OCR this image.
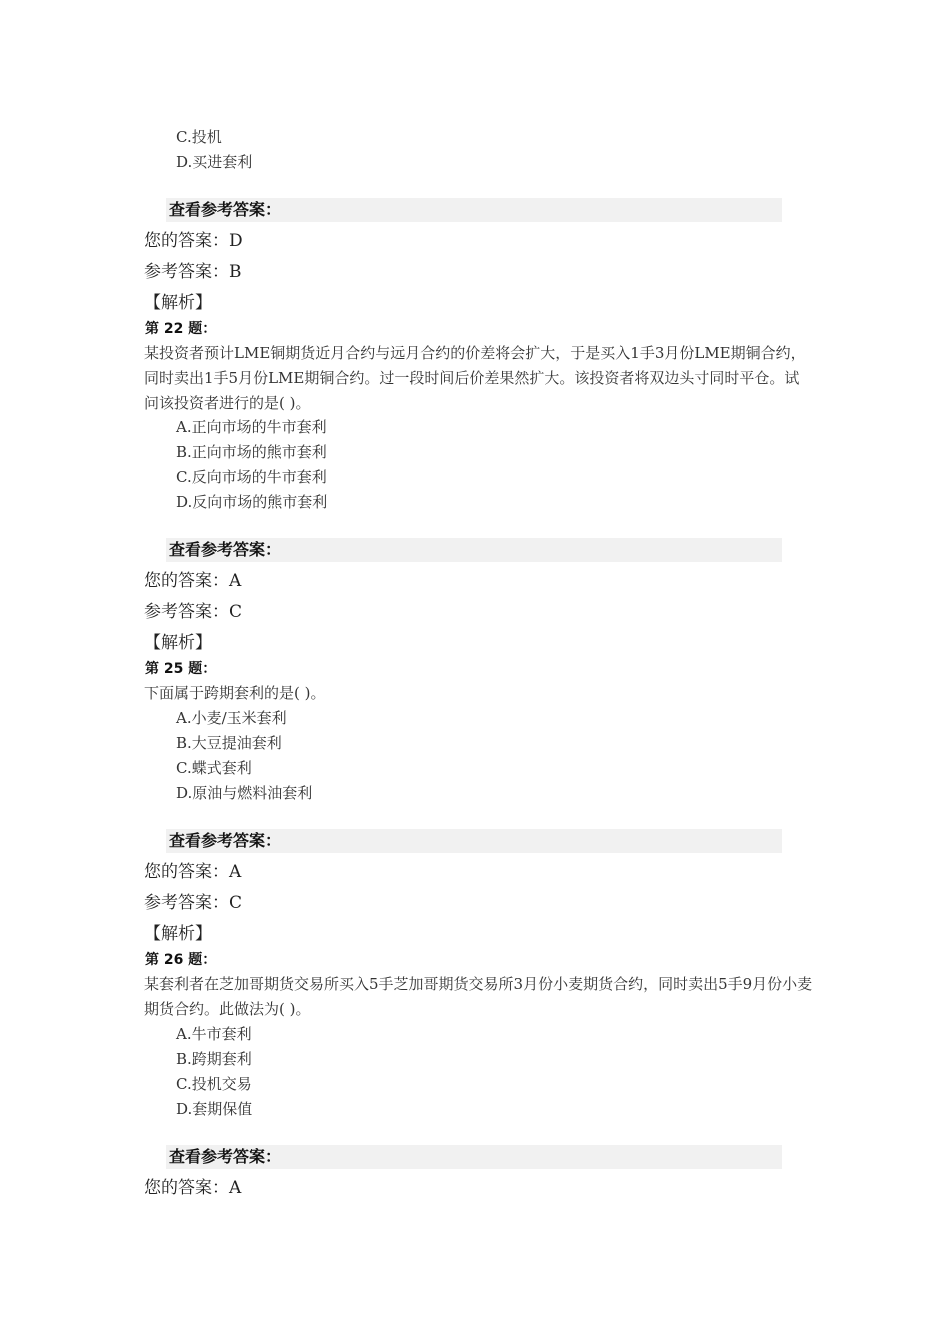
C.投机
D.买进套利
查看参考答案：
您的答案：D
参考答案：B
【解析】
第 22 题：
某投资者预计LME铜期货近月合约与远月合约的价差将会扩大，于是买入1手3月份LME期铜合约，同时卖出1手5月份LME期铜合约。过一段时间后价差果然扩大。该投资者将双边头寸同时平仓。试问该投资者进行的是( )。
A.正向市场的牛市套利
B.正向市场的熊市套利
C.反向市场的牛市套利
D.反向市场的熊市套利
查看参考答案：
您的答案：A
参考答案：C
【解析】
第 25 题：
下面属于跨期套利的是( )。
A.小麦/玉米套利
B.大豆提油套利
C.蝶式套利
D.原油与燃料油套利
查看参考答案：
您的答案：A
参考答案：C
【解析】
第 26 题：
某套利者在芝加哥期货交易所买入5手芝加哥期货交易所3月份小麦期货合约，同时卖出5手9月份小麦期货合约。此做法为( )。
A.牛市套利
B.跨期套利
C.投机交易
D.套期保值
查看参考答案：
您的答案：A
